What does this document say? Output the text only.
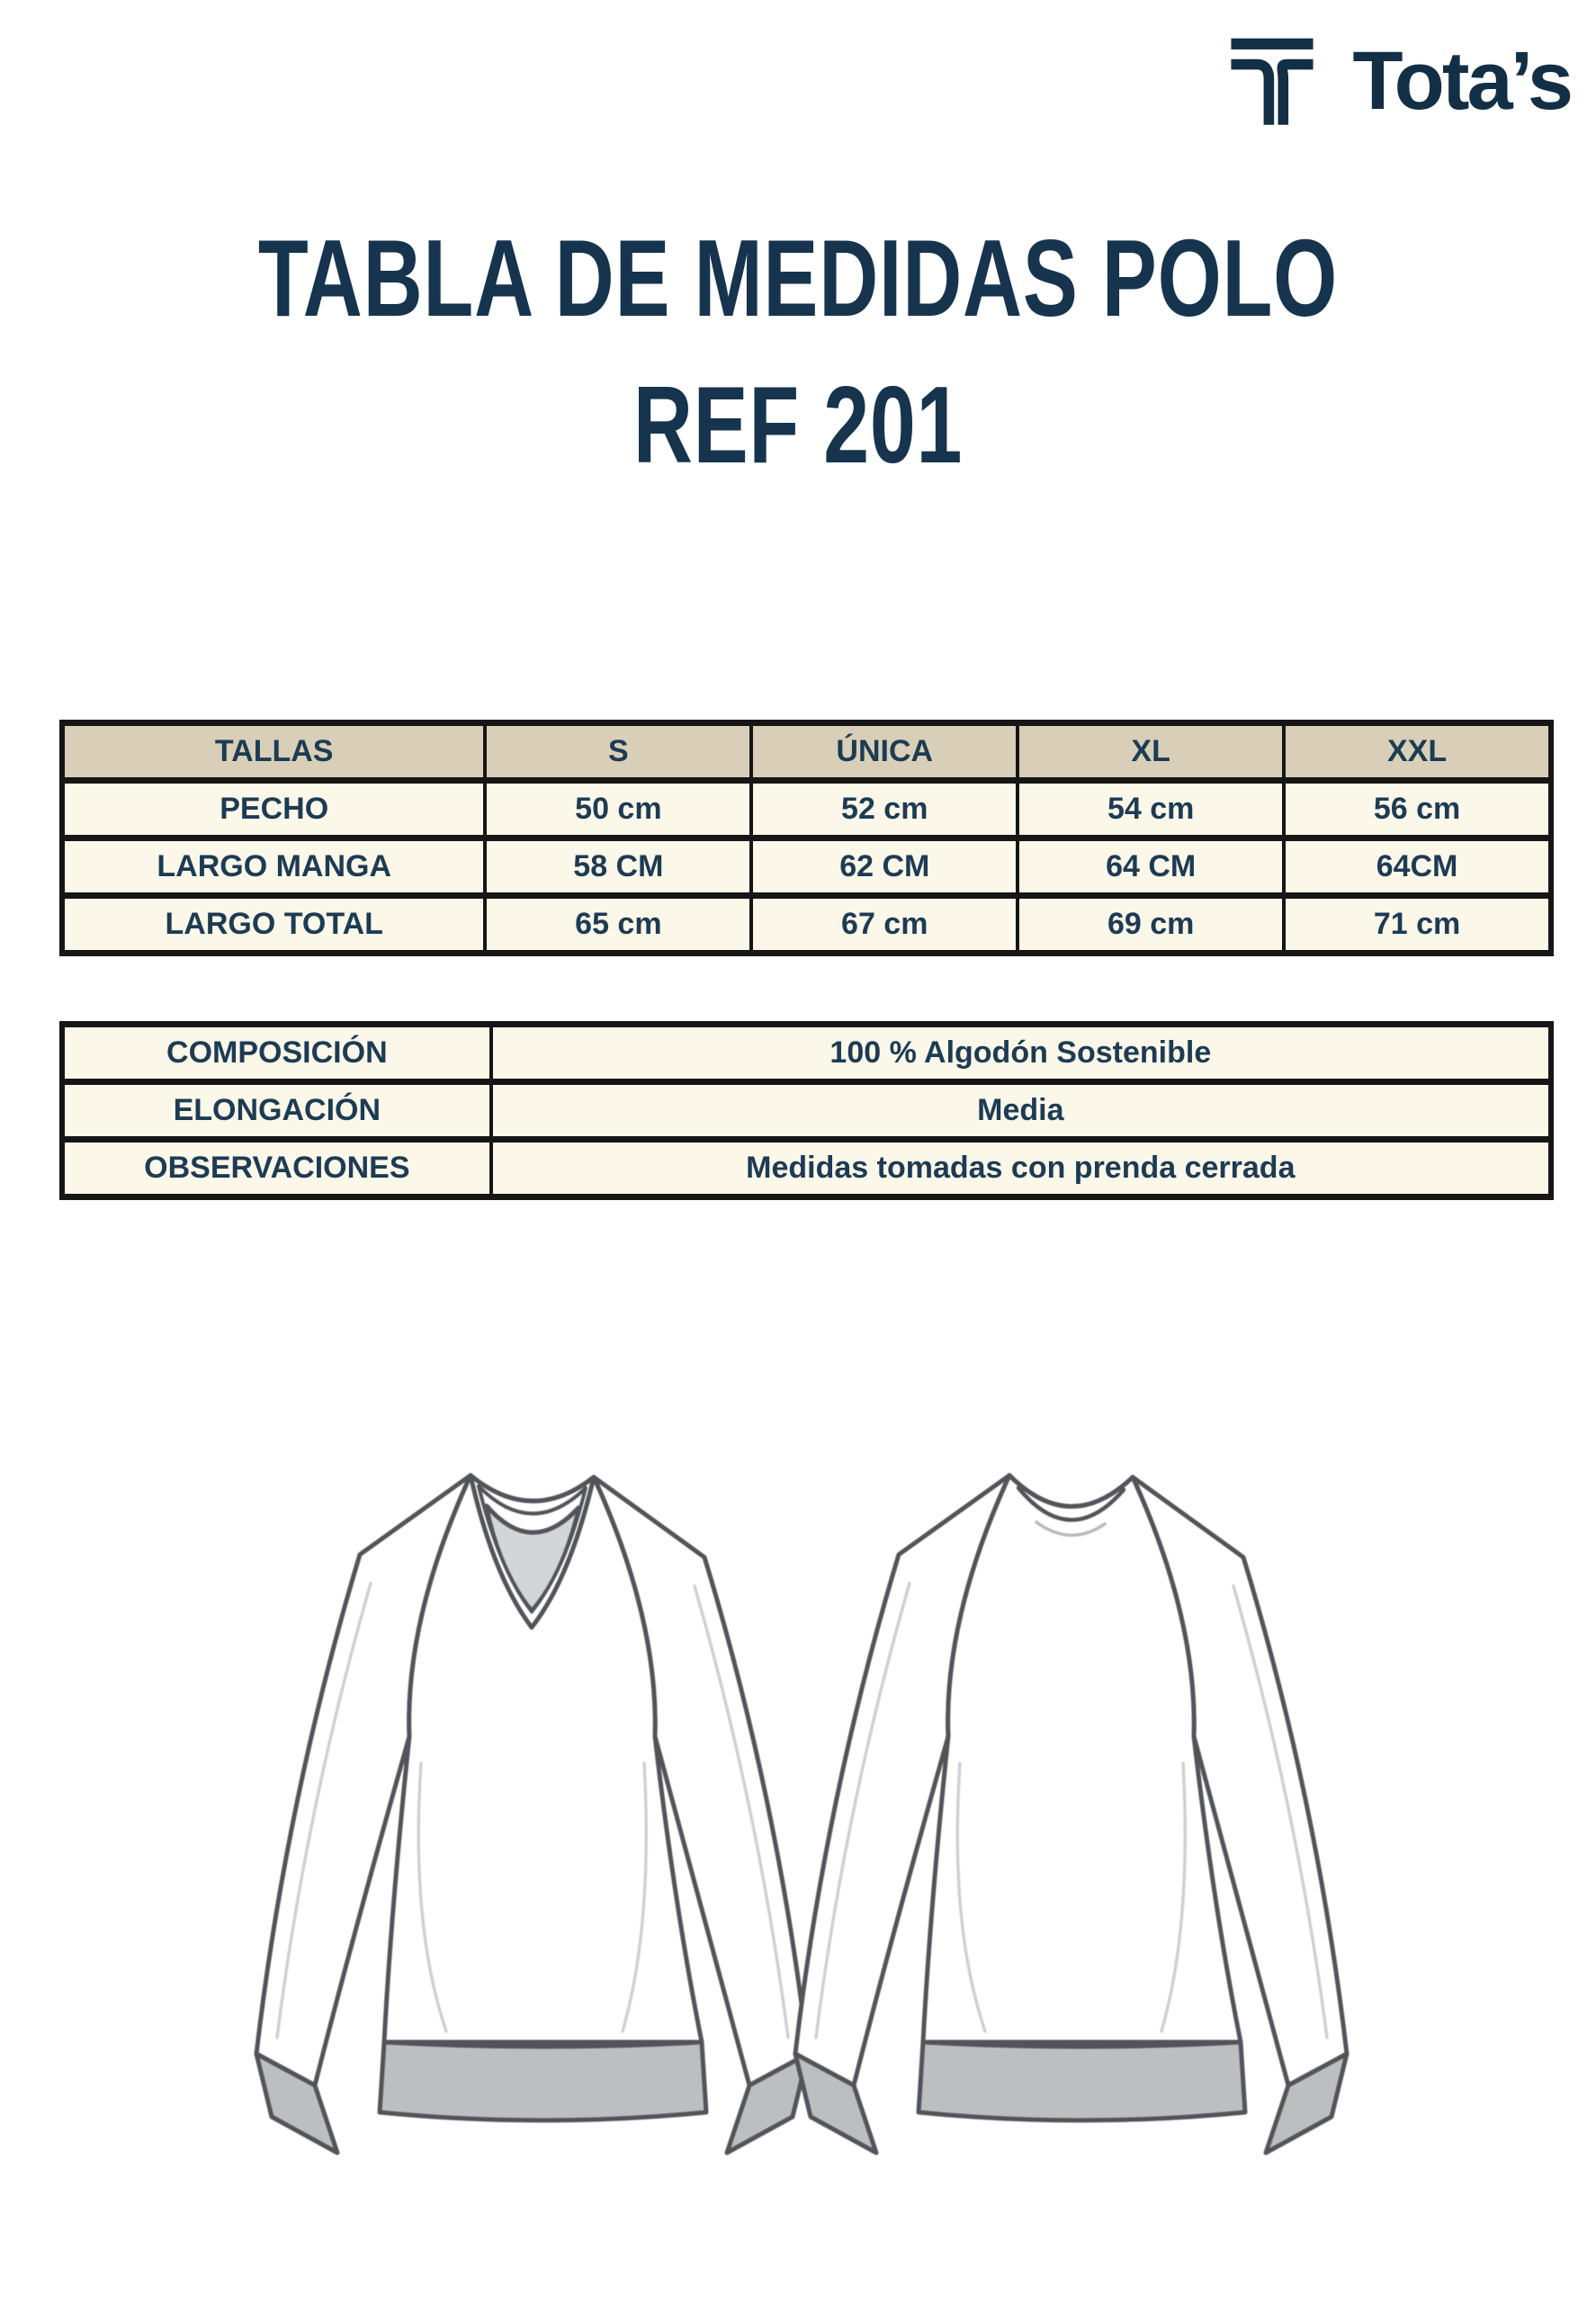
Tota’s
TABLA DE MEDIDAS POLO
REF 201
TALLAS	S	ÚNICA	XL	XXL
PECHO	50 cm	52 cm	54 cm	56 cm
LARGO MANGA	58 CM	62 CM	64 CM	64CM
LARGO TOTAL	65 cm	67 cm	69 cm	71 cm
COMPOSICIÓN	100 % Algodón Sostenible
ELONGACIÓN	Media
OBSERVACIONES	Medidas tomadas con prenda cerrada
